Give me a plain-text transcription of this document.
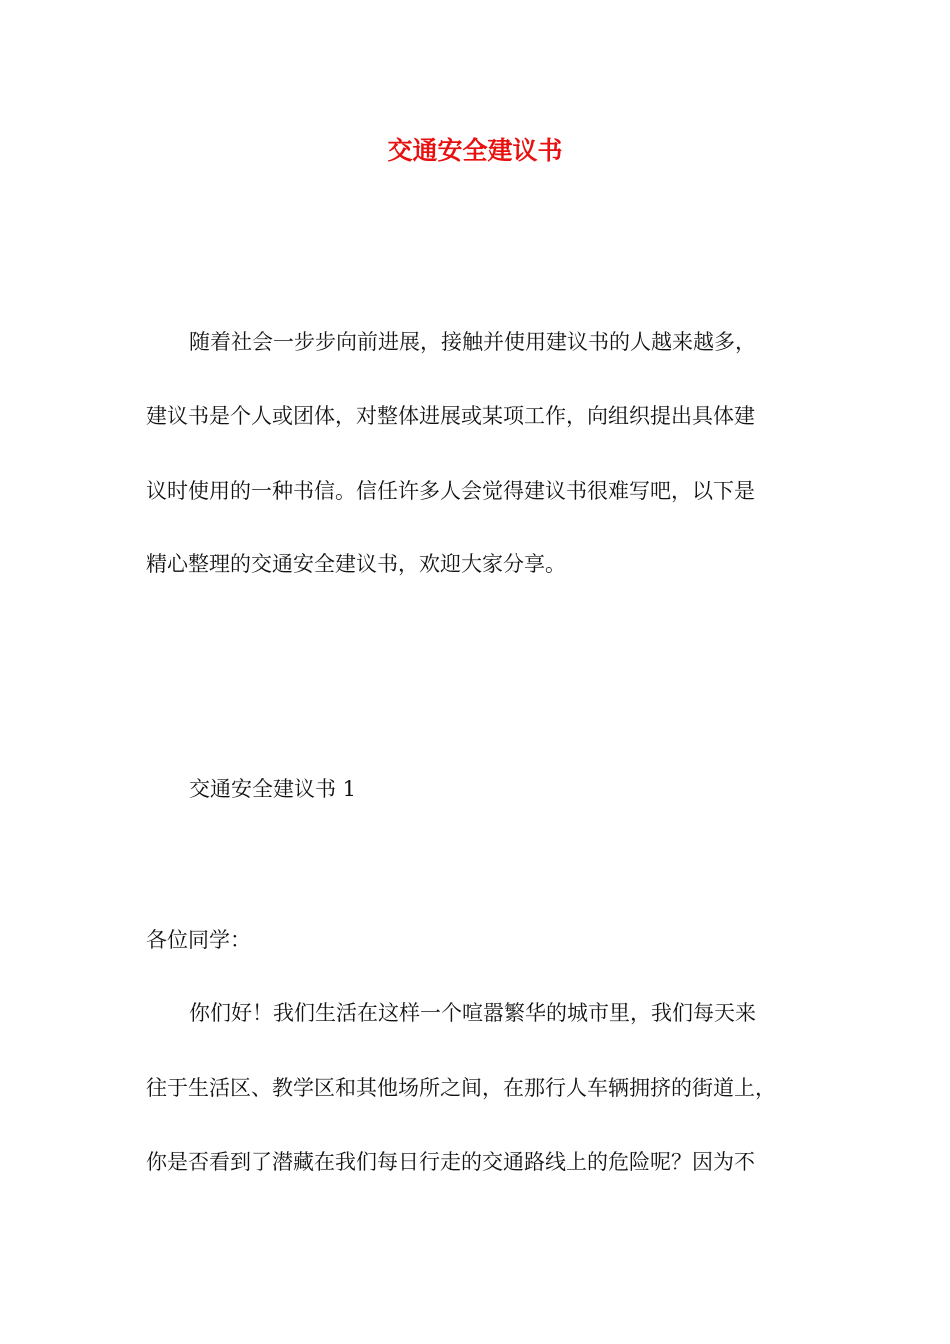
交通安全建议书
随着社会一步步向前进展，接触并使用建议书的人越来越多，
建议书是个人或团体，对整体进展或某项工作，向组织提出具体建
议时使用的一种书信。信任许多人会觉得建议书很难写吧，以下是
精心整理的交通安全建议书，欢迎大家分享。
交通安全建议书 1
各位同学：
你们好！我们生活在这样一个喧嚣繁华的城市里，我们每天来
往于生活区、教学区和其他场所之间，在那行人车辆拥挤的街道上，
你是否看到了潜藏在我们每日行走的交通路线上的危险呢？因为不
